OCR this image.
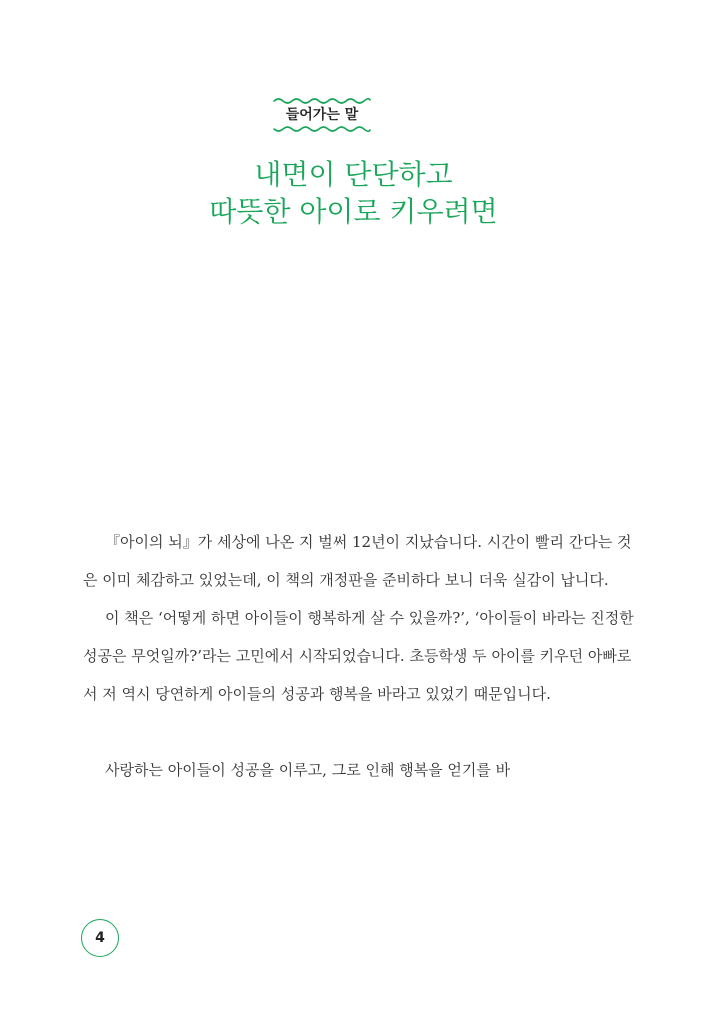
들어가는 말
내면이 단단하고
따뜻한 아이로 키우려면

『아이의 뇌』가 세상에 나온 지 벌써 12년이 지났습니다. 시간이 빨리 간다는 것은 이미 체감하고 있었는데, 이 책의 개정판을 준비하다 보니 더욱 실감이 납니다.

이 책은 ‘어떻게 하면 아이들이 행복하게 살 수 있을까?’, ‘아이들이 바라는 진정한 성공은 무엇일까?’라는 고민에서 시작되었습니다. 초등학생 두 아이를 키우던 아빠로서 저 역시 당연하게 아이들의 성공과 행복을 바라고 있었기 때문입니다.

사랑하는 아이들이 성공을 이루고, 그로 인해 행복을 얻기를 바

4
